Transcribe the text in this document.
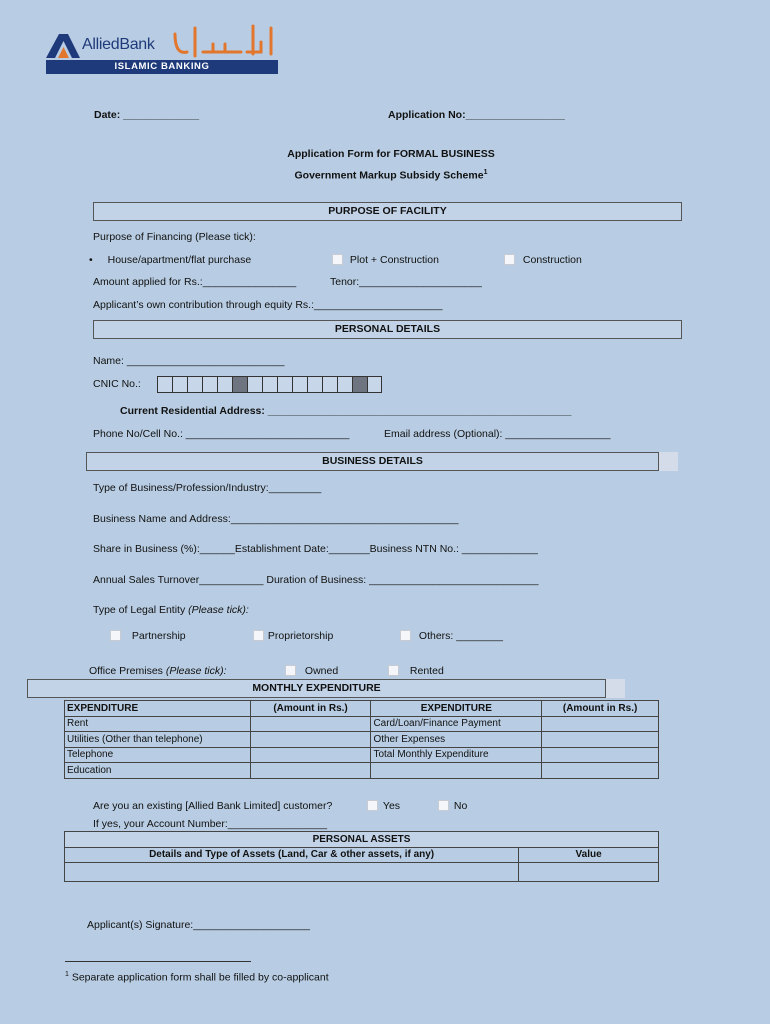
AlliedBank
ISLAMIC BANKING
Date: _____________	Application No:_________________
Application Form for FORMAL BUSINESS
Government Markup Subsidy Scheme$^1$
PURPOSE OF FACILITY
Purpose of Financing (Please tick):
• House/apartment/flat purchase	Plot + Construction	Construction
Amount applied for Rs.:________________	Tenor:_____________________
Applicant’s own contribution through equity Rs.:______________________
PERSONAL DETAILS
Name: ___________________________
CNIC No.:
Current Residential Address: ____________________________________________________
Phone No/Cell No.: ____________________________	Email address (Optional): __________________
BUSINESS DETAILS
Type of Business/Profession/Industry:_________
Business Name and Address:_______________________________________
Share in Business (%):______Establishment Date:_______Business NTN No.: _____________
Annual Sales Turnover___________ Duration of Business: _____________________________
Type of Legal Entity (Please tick):
Partnership	Proprietorship	Others: ________
Office Premises (Please tick):	Owned	Rented
MONTHLY EXPENDITURE
EXPENDITURE	(Amount in Rs.)	EXPENDITURE	(Amount in Rs.)
Rent		Card/Loan/Finance Payment	
Utilities (Other than telephone)		Other Expenses	
Telephone		Total Monthly Expenditure	
Education			
Are you an existing [Allied Bank Limited] customer?	Yes	No
If yes, your Account Number:_________________
PERSONAL ASSETS	
Details and Type of Assets (Land, Car & other assets, if any)	Value

Applicant(s) Signature:____________________
$^1$ Separate application form shall be filled by co-applicant
